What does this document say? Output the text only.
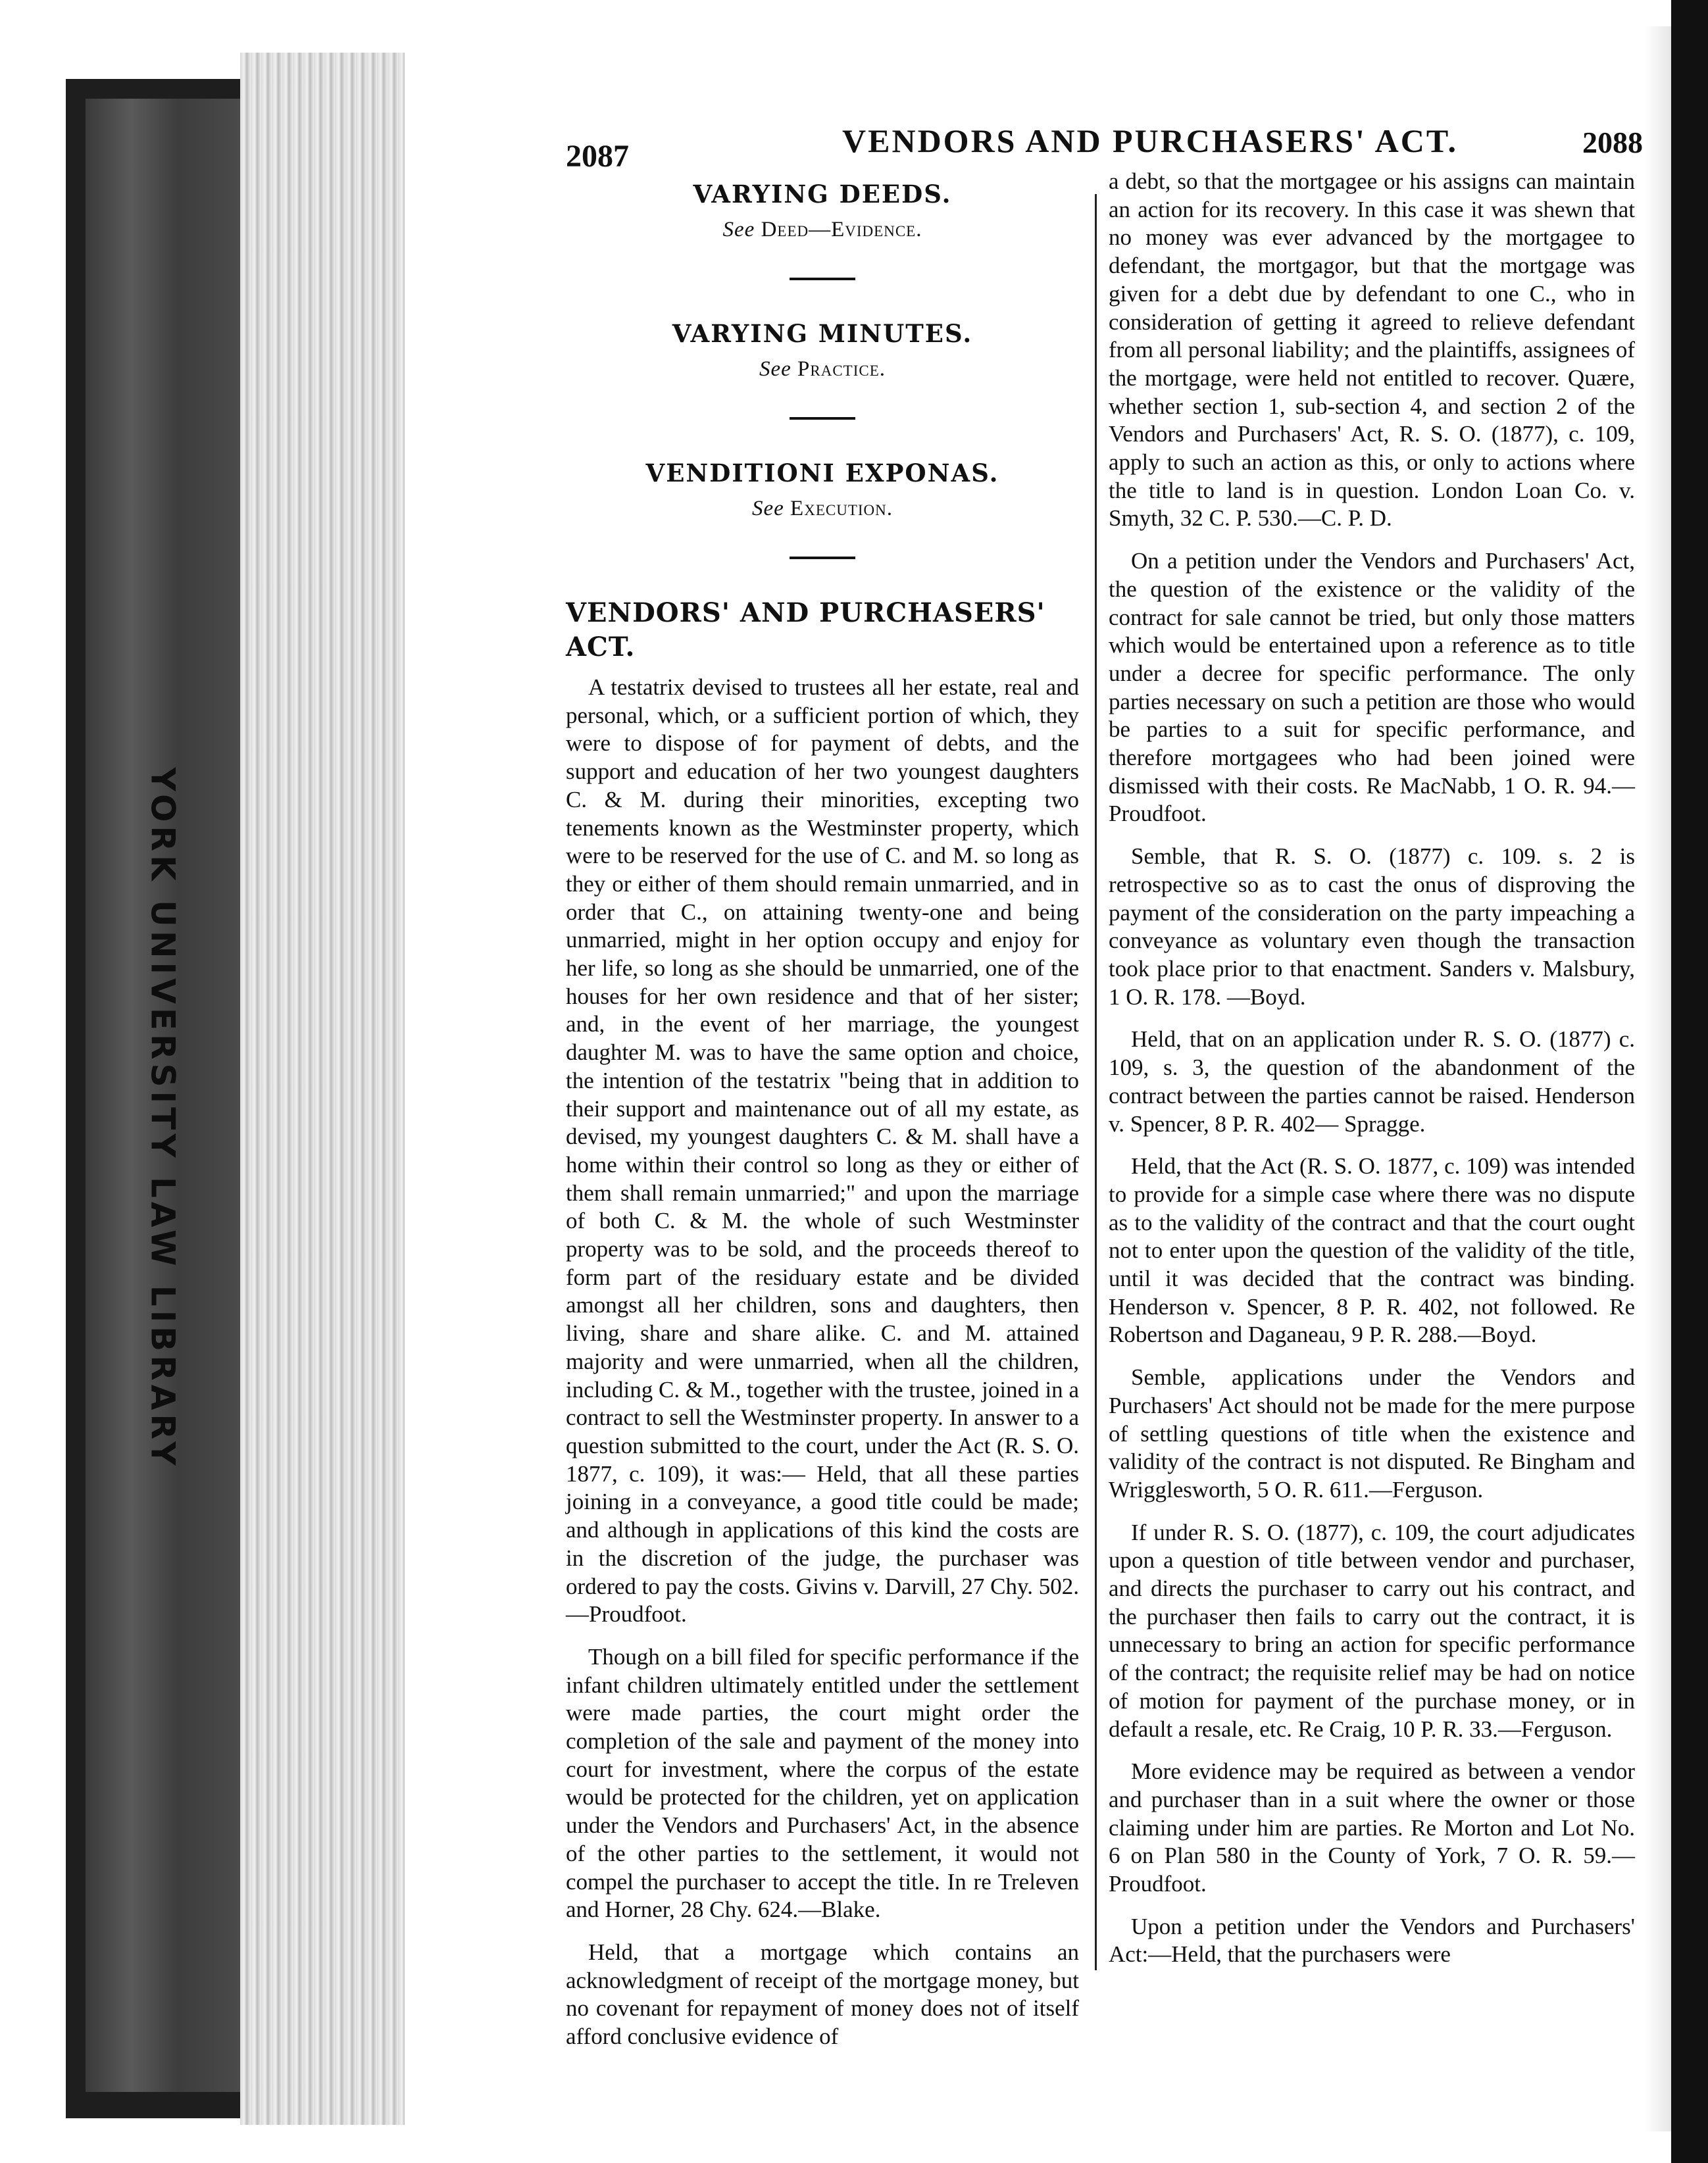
YORK UNIVERSITY LAW LIBRARY
2087	VENDORS AND PURCHASERS' ACT.	2088
VARYING DEEDS.
See Deed—Evidence.
VARYING MINUTES.
See Practice.
VENDITIONI EXPONAS.
See Execution.
VENDORS' AND PURCHASERS' ACT.

A testatrix devised to trustees all her estate, real and personal, which, or a sufficient portion of which, they were to dispose of for payment of debts, and the support and education of her two youngest daughters C. & M. during their minorities, excepting two tenements known as the Westminster property, which were to be reserved for the use of C. and M. so long as they or either of them should remain unmarried, and in order that C., on attaining twenty-one and being unmarried, might in her option occupy and enjoy for her life, so long as she should be unmarried, one of the houses for her own residence and that of her sister; and, in the event of her marriage, the youngest daughter M. was to have the same option and choice, the intention of the testatrix "being that in addition to their support and maintenance out of all my estate, as devised, my youngest daughters C. & M. shall have a home within their control so long as they or either of them shall remain unmarried;" and upon the marriage of both C. & M. the whole of such Westminster property was to be sold, and the proceeds thereof to form part of the residuary estate and be divided amongst all her children, sons and daughters, then living, share and share alike. C. and M. attained majority and were unmarried, when all the children, including C. & M., together with the trustee, joined in a contract to sell the Westminster property. In answer to a question submitted to the court, under the Act (R. S. O. 1877, c. 109), it was:— Held, that all these parties joining in a conveyance, a good title could be made; and although in applications of this kind the costs are in the discretion of the judge, the purchaser was ordered to pay the costs. Givins v. Darvill, 27 Chy. 502.—Proudfoot.

Though on a bill filed for specific performance if the infant children ultimately entitled under the settlement were made parties, the court might order the completion of the sale and payment of the money into court for investment, where the corpus of the estate would be protected for the children, yet on application under the Vendors and Purchasers' Act, in the absence of the other parties to the settlement, it would not compel the purchaser to accept the title. In re Treleven and Horner, 28 Chy. 624.—Blake.

Held, that a mortgage which contains an acknowledgment of receipt of the mortgage money, but no covenant for repayment of money does not of itself afford conclusive evidence of

a debt, so that the mortgagee or his assigns can maintain an action for its recovery. In this case it was shewn that no money was ever advanced by the mortgagee to defendant, the mortgagor, but that the mortgage was given for a debt due by defendant to one C., who in consideration of getting it agreed to relieve defendant from all personal liability; and the plaintiffs, assignees of the mortgage, were held not entitled to recover. Quære, whether section 1, sub-section 4, and section 2 of the Vendors and Purchasers' Act, R. S. O. (1877), c. 109, apply to such an action as this, or only to actions where the title to land is in question. London Loan Co. v. Smyth, 32 C. P. 530.—C. P. D.

On a petition under the Vendors and Purchasers' Act, the question of the existence or the validity of the contract for sale cannot be tried, but only those matters which would be entertained upon a reference as to title under a decree for specific performance. The only parties necessary on such a petition are those who would be parties to a suit for specific performance, and therefore mortgagees who had been joined were dismissed with their costs. Re MacNabb, 1 O. R. 94.—Proudfoot.

Semble, that R. S. O. (1877) c. 109. s. 2 is retrospective so as to cast the onus of disproving the payment of the consideration on the party impeaching a conveyance as voluntary even though the transaction took place prior to that enactment. Sanders v. Malsbury, 1 O. R. 178. —Boyd.

Held, that on an application under R. S. O. (1877) c. 109, s. 3, the question of the abandonment of the contract between the parties cannot be raised. Henderson v. Spencer, 8 P. R. 402— Spragge.

Held, that the Act (R. S. O. 1877, c. 109) was intended to provide for a simple case where there was no dispute as to the validity of the contract and that the court ought not to enter upon the question of the validity of the title, until it was decided that the contract was binding. Henderson v. Spencer, 8 P. R. 402, not followed. Re Robertson and Daganeau, 9 P. R. 288.—Boyd.

Semble, applications under the Vendors and Purchasers' Act should not be made for the mere purpose of settling questions of title when the existence and validity of the contract is not disputed. Re Bingham and Wrigglesworth, 5 O. R. 611.—Ferguson.

If under R. S. O. (1877), c. 109, the court adjudicates upon a question of title between vendor and purchaser, and directs the purchaser to carry out his contract, and the purchaser then fails to carry out the contract, it is unnecessary to bring an action for specific performance of the contract; the requisite relief may be had on notice of motion for payment of the purchase money, or in default a resale, etc. Re Craig, 10 P. R. 33.—Ferguson.

More evidence may be required as between a vendor and purchaser than in a suit where the owner or those claiming under him are parties. Re Morton and Lot No. 6 on Plan 580 in the County of York, 7 O. R. 59.—Proudfoot.

Upon a petition under the Vendors and Purchasers' Act:—Held, that the purchasers were
